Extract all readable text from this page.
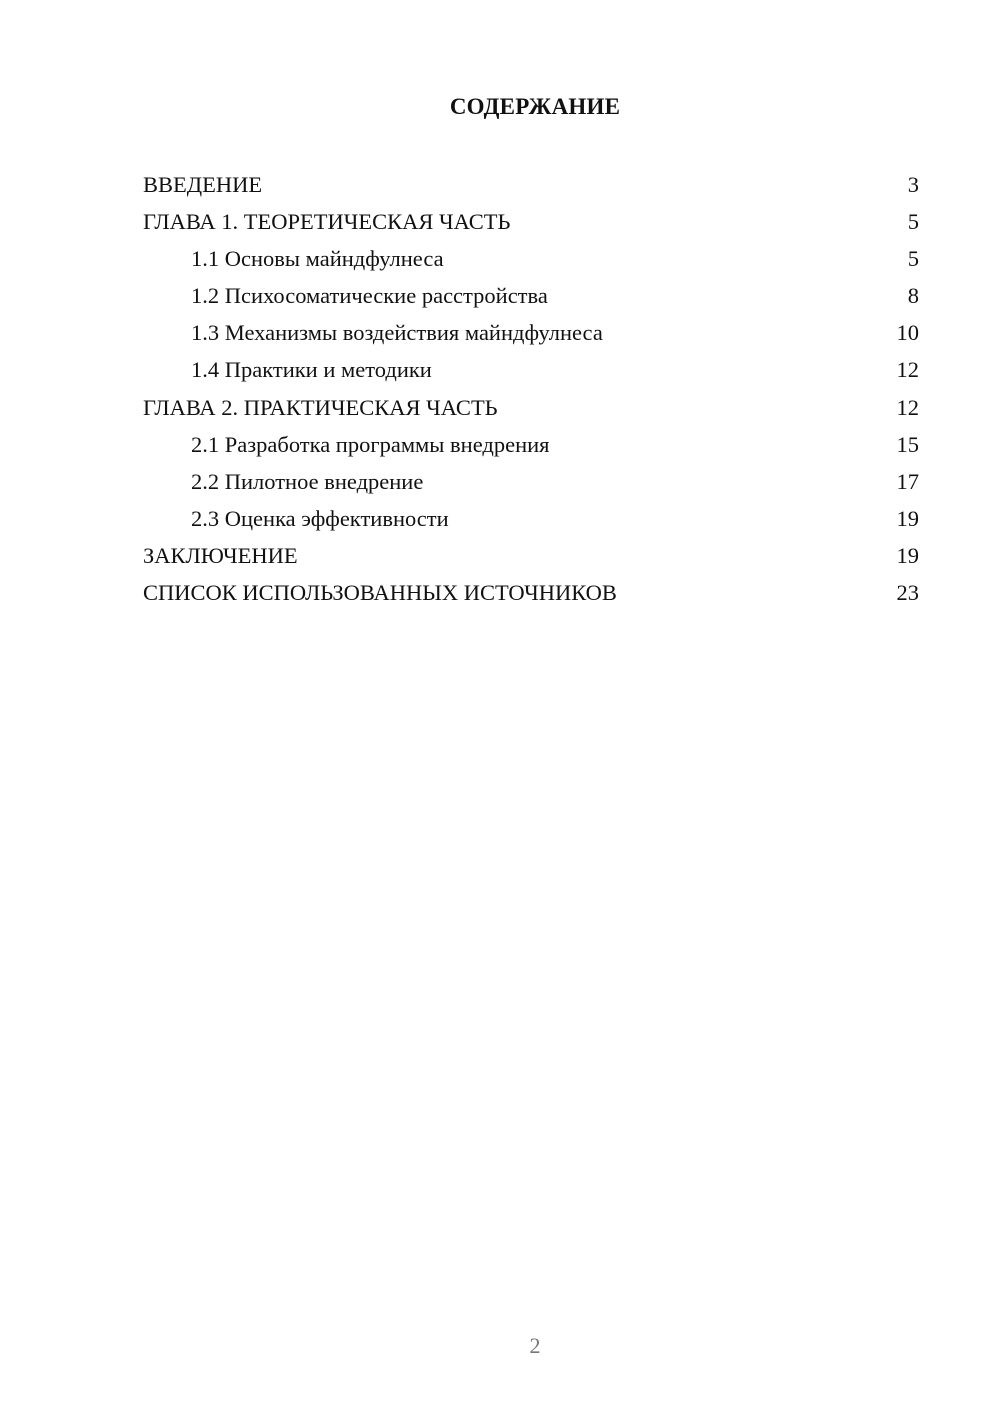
СОДЕРЖАНИЕ
ВВЕДЕНИЕ	3
ГЛАВА 1. ТЕОРЕТИЧЕСКАЯ ЧАСТЬ	5
1.1 Основы майндфулнеса	5
1.2 Психосоматические расстройства	8
1.3 Механизмы воздействия майндфулнеса	10
1.4 Практики и методики	12
ГЛАВА 2. ПРАКТИЧЕСКАЯ ЧАСТЬ	12
2.1 Разработка программы внедрения	15
2.2 Пилотное внедрение	17
2.3 Оценка эффективности	19
ЗАКЛЮЧЕНИЕ	19
СПИСОК ИСПОЛЬЗОВАННЫХ ИСТОЧНИКОВ	23
2
